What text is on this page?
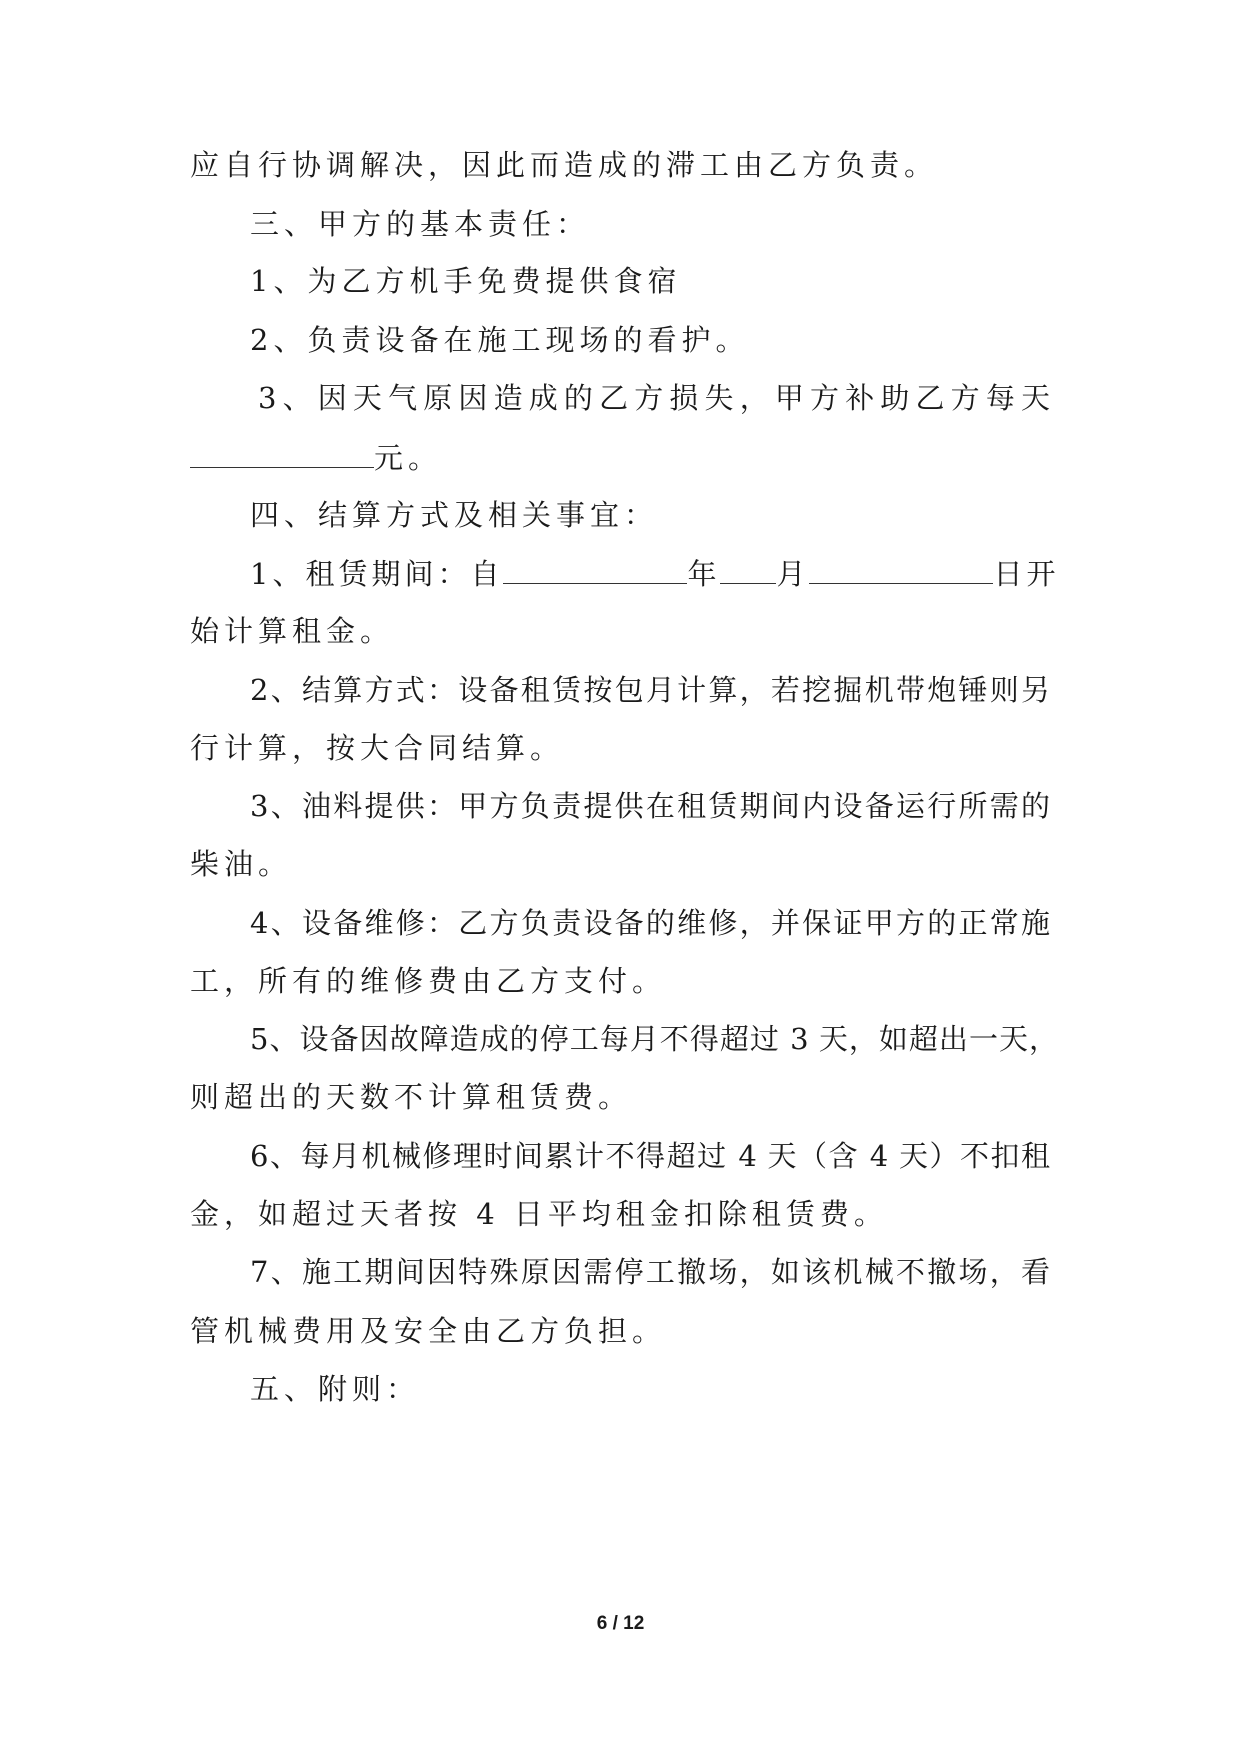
应自行协调解决，因此而造成的滞工由乙方负责。
三、甲方的基本责任：
1、为乙方机手免费提供食宿
2、负责设备在施工现场的看护。
3、因天气原因造成的乙方损失，甲方补助乙方每天
元。
四、结算方式及相关事宜：
1、租赁期间：自	年 月	日开
始计算租金。
2、结算方式：设备租赁按包月计算，若挖掘机带炮锤则另
行计算，按大合同结算。
3、油料提供：甲方负责提供在租赁期间内设备运行所需的
柴油。
4、设备维修：乙方负责设备的维修，并保证甲方的正常施
工，所有的维修费由乙方支付。
5、设备因故障造成的停工每月不得超过 3 天，如超出一天，
则超出的天数不计算租赁费。
6、每月机械修理时间累计不得超过 4 天（含 4 天）不扣租
金，如超过天者按 4 日平均租金扣除租赁费。
7、施工期间因特殊原因需停工撤场，如该机械不撤场，看
管机械费用及安全由乙方负担。
五、附则：
6 / 12
